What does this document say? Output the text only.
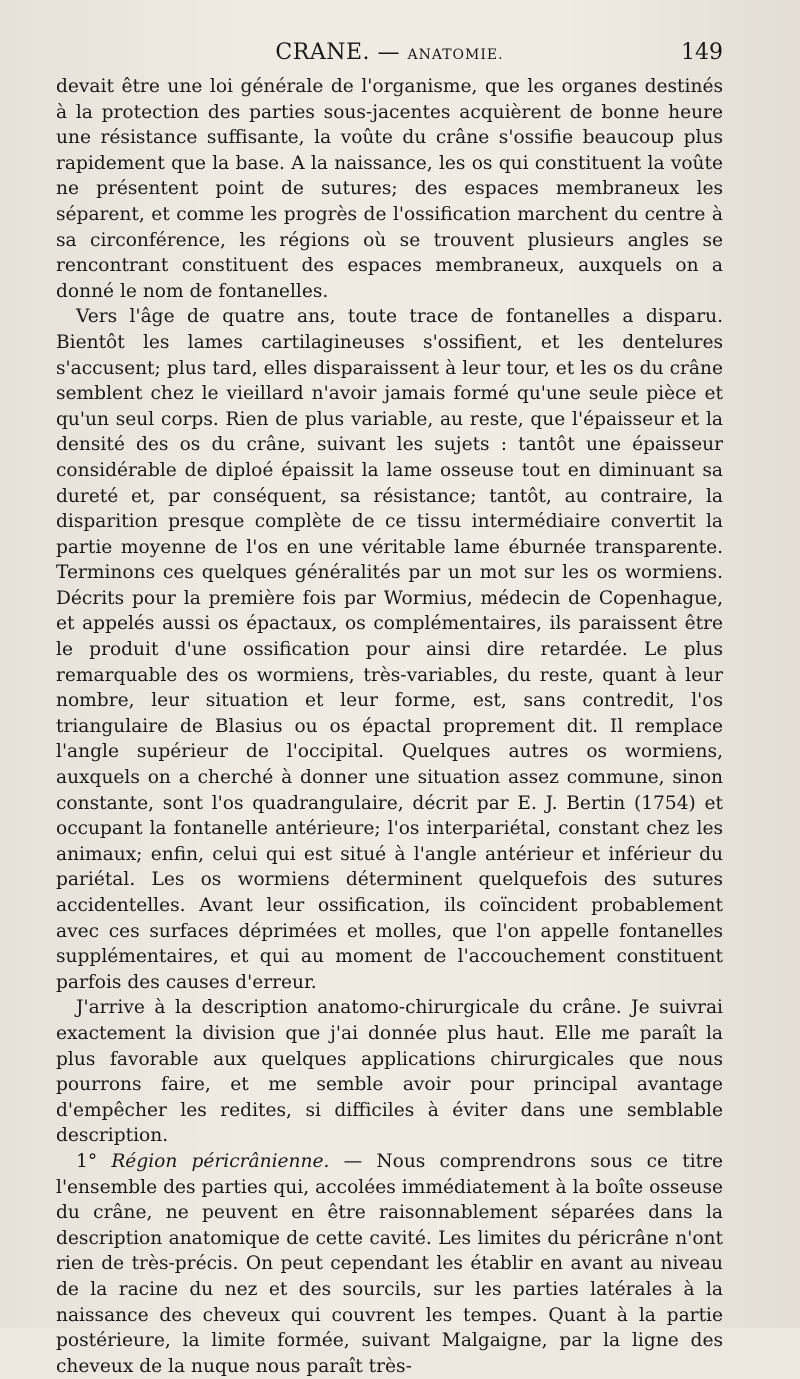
CRANE. — ANATOMIE.	149

devait être une loi générale de l'organisme, que les organes destinés à la protection des parties sous-jacentes acquièrent de bonne heure une résistance suffisante, la voûte du crâne s'ossifie beaucoup plus rapidement que la base. A la naissance, les os qui constituent la voûte ne présentent point de sutures; des espaces membraneux les séparent, et comme les progrès de l'ossification marchent du centre à sa circonférence, les régions où se trouvent plusieurs angles se rencontrant constituent des espaces membraneux, auxquels on a donné le nom de fontanelles.

Vers l'âge de quatre ans, toute trace de fontanelles a disparu. Bientôt les lames cartilagineuses s'ossifient, et les dentelures s'accusent; plus tard, elles disparaissent à leur tour, et les os du crâne semblent chez le vieillard n'avoir jamais formé qu'une seule pièce et qu'un seul corps. Rien de plus variable, au reste, que l'épaisseur et la densité des os du crâne, suivant les sujets : tantôt une épaisseur considérable de diploé épaissit la lame osseuse tout en diminuant sa dureté et, par conséquent, sa résistance; tantôt, au contraire, la disparition presque complète de ce tissu intermédiaire convertit la partie moyenne de l'os en une véritable lame éburnée transparente. Terminons ces quelques généralités par un mot sur les os wormiens. Décrits pour la première fois par Wormius, médecin de Copenhague, et appelés aussi os épactaux, os complémentaires, ils paraissent être le produit d'une ossification pour ainsi dire retardée. Le plus remarquable des os wormiens, très-variables, du reste, quant à leur nombre, leur situation et leur forme, est, sans contredit, l'os triangulaire de Blasius ou os épactal proprement dit. Il remplace l'angle supérieur de l'occipital. Quelques autres os wormiens, auxquels on a cherché à donner une situation assez commune, sinon constante, sont l'os quadrangulaire, décrit par E. J. Bertin (1754) et occupant la fontanelle antérieure; l'os interpariétal, constant chez les animaux; enfin, celui qui est situé à l'angle antérieur et inférieur du pariétal. Les os wormiens déterminent quelquefois des sutures accidentelles. Avant leur ossification, ils coïncident probablement avec ces surfaces déprimées et molles, que l'on appelle fontanelles supplémentaires, et qui au moment de l'accouchement constituent parfois des causes d'erreur.

J'arrive à la description anatomo-chirurgicale du crâne. Je suivrai exactement la division que j'ai donnée plus haut. Elle me paraît la plus favorable aux quelques applications chirurgicales que nous pourrons faire, et me semble avoir pour principal avantage d'empêcher les redites, si difficiles à éviter dans une semblable description.

1° Région péricrânienne. — Nous comprendrons sous ce titre l'ensemble des parties qui, accolées immédiatement à la boîte osseuse du crâne, ne peuvent en être raisonnablement séparées dans la description anatomique de cette cavité. Les limites du péricrâne n'ont rien de très-précis. On peut cependant les établir en avant au niveau de la racine du nez et des sourcils, sur les parties latérales à la naissance des cheveux qui couvrent les tempes. Quant à la partie postérieure, la limite formée, suivant Malgaigne, par la ligne des cheveux de la nuque nous paraît très-
